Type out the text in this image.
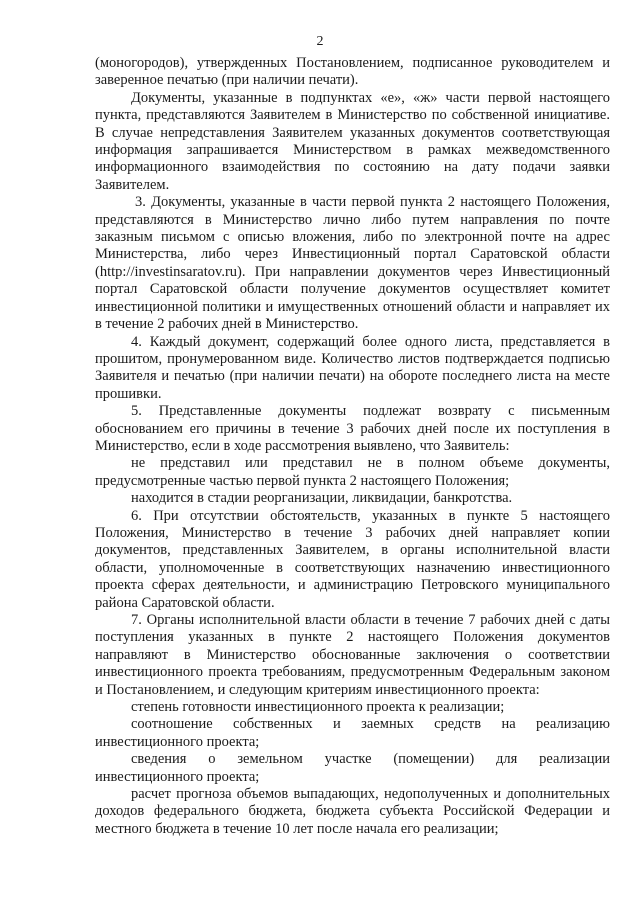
2

(моногородов), утвержденных Постановлением, подписанное руководителем и заверенное печатью (при наличии печати).

Документы, указанные в подпунктах «е», «ж» части первой настоящего пункта, представляются Заявителем в Министерство по собственной инициативе. В случае непредставления Заявителем указанных документов соответствующая информация запрашивается Министерством в рамках межведомственного информационного взаимодействия по состоянию на дату подачи заявки Заявителем.

3. Документы, указанные в части первой пункта 2 настоящего Положения, представляются в Министерство лично либо путем направления по почте заказным письмом с описью вложения, либо по электронной почте на адрес Министерства, либо через Инвестиционный портал Саратовской области (http://investinsaratov.ru). При направлении документов через Инвестиционный портал Саратовской области получение документов осуществляет комитет инвестиционной политики и имущественных отношений области и направляет их в течение 2 рабочих дней в Министерство.

4. Каждый документ, содержащий более одного листа, представляется в прошитом, пронумерованном виде. Количество листов подтверждается подписью Заявителя и печатью (при наличии печати) на обороте последнего листа на месте прошивки.

5. Представленные документы подлежат возврату с письменным обоснованием его причины в течение 3 рабочих дней после их поступления в Министерство, если в ходе рассмотрения выявлено, что Заявитель:

не представил или представил не в полном объеме документы, предусмотренные частью первой пункта 2 настоящего Положения;

находится в стадии реорганизации, ликвидации, банкротства.

6. При отсутствии обстоятельств, указанных в пункте 5 настоящего Положения, Министерство в течение 3 рабочих дней направляет копии документов, представленных Заявителем, в органы исполнительной власти области, уполномоченные в соответствующих назначению инвестиционного проекта сферах деятельности, и администрацию Петровского муниципального района Саратовской области.

7. Органы исполнительной власти области в течение 7 рабочих дней с даты поступления указанных в пункте 2 настоящего Положения документов направляют в Министерство обоснованные заключения о соответствии инвестиционного проекта требованиям, предусмотренным Федеральным законом и Постановлением, и следующим критериям инвестиционного проекта:

степень готовности инвестиционного проекта к реализации;

соотношение собственных и заемных средств на реализацию инвестиционного проекта;

сведения о земельном участке (помещении) для реализации инвестиционного проекта;

расчет прогноза объемов выпадающих, недополученных и дополнительных доходов федерального бюджета, бюджета субъекта Российской Федерации и местного бюджета в течение 10 лет после начала его реализации;
